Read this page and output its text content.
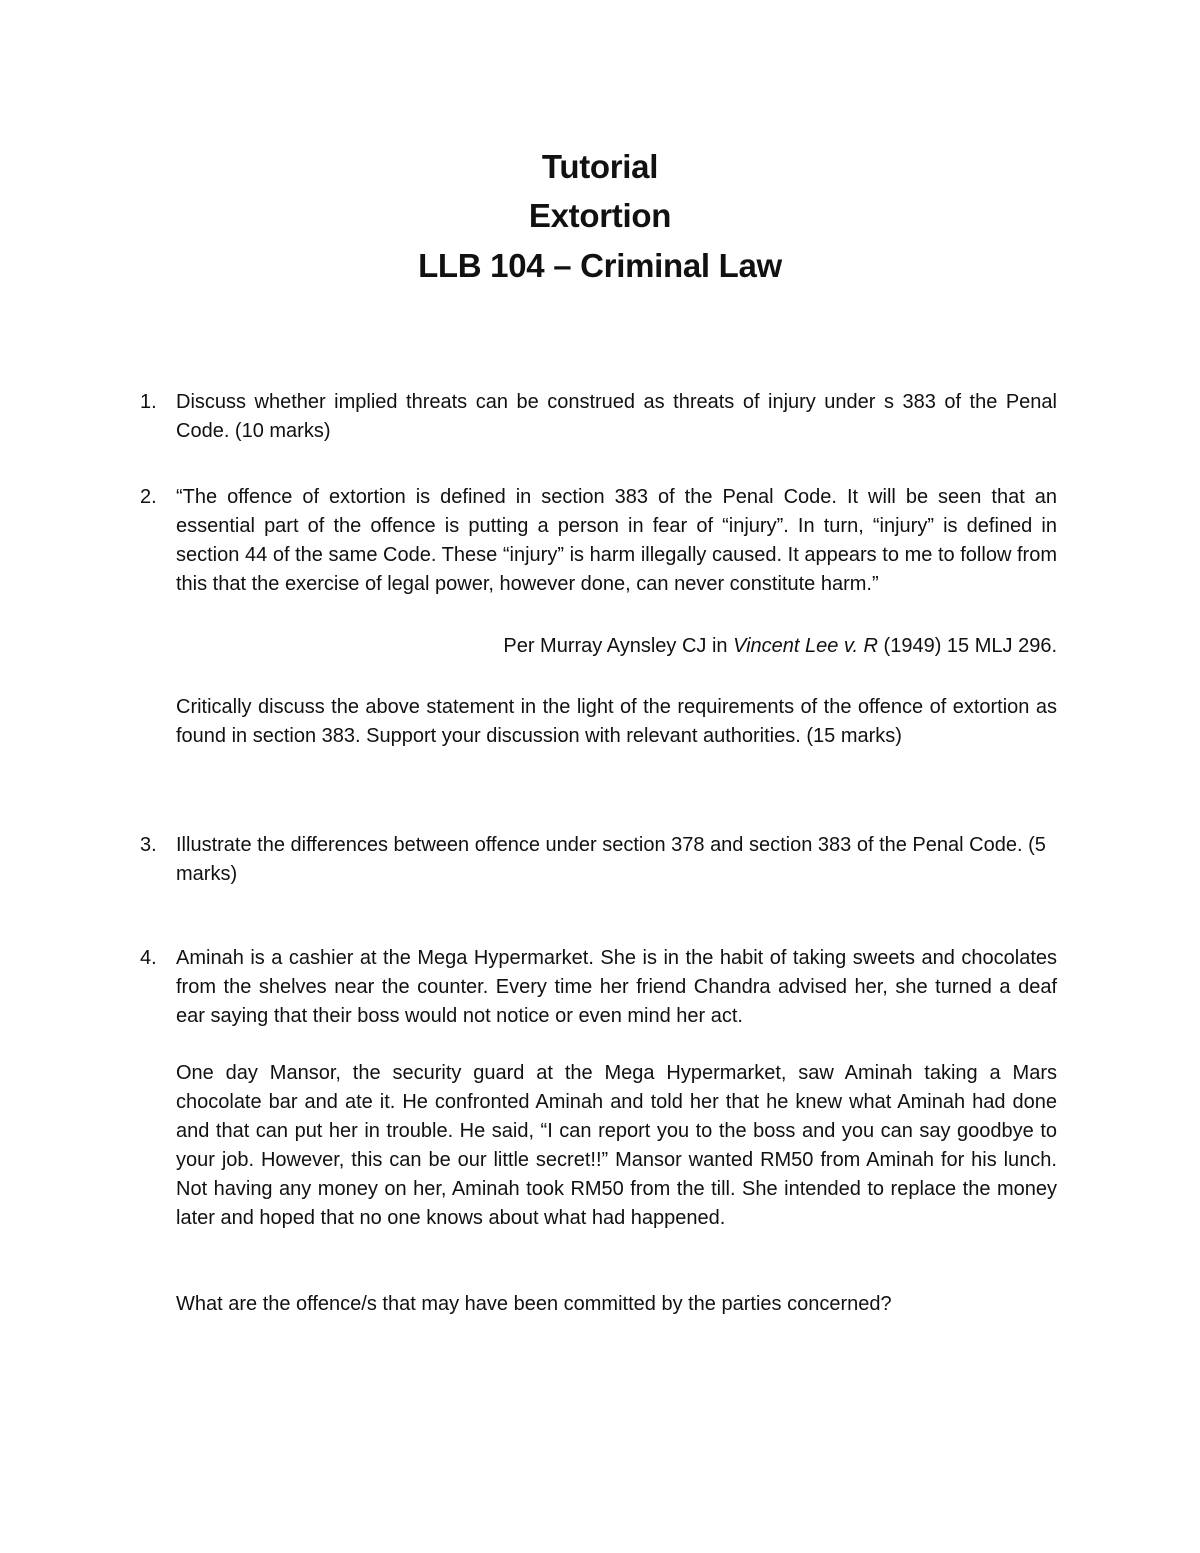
Tutorial
Extortion
LLB 104 – Criminal Law
1. Discuss whether implied threats can be construed as threats of injury under s 383 of the Penal Code. (10 marks)

2. “The offence of extortion is defined in section 383 of the Penal Code. It will be seen that an essential part of the offence is putting a person in fear of “injury”. In turn, “injury” is defined in section 44 of the same Code. These “injury” is harm illegally caused. It appears to me to follow from this that the exercise of legal power, however done, can never constitute harm.”

Per Murray Aynsley CJ in Vincent Lee v. R (1949) 15 MLJ 296.

Critically discuss the above statement in the light of the requirements of the offence of extortion as found in section 383. Support your discussion with relevant authorities. (15 marks)

3. Illustrate the differences between offence under section 378 and section 383 of the Penal Code. (5 marks)

4. Aminah is a cashier at the Mega Hypermarket. She is in the habit of taking sweets and chocolates from the shelves near the counter. Every time her friend Chandra advised her, she turned a deaf ear saying that their boss would not notice or even mind her act.

One day Mansor, the security guard at the Mega Hypermarket, saw Aminah taking a Mars chocolate bar and ate it. He confronted Aminah and told her that he knew what Aminah had done and that can put her in trouble. He said, “I can report you to the boss and you can say goodbye to your job. However, this can be our little secret!!” Mansor wanted RM50 from Aminah for his lunch. Not having any money on her, Aminah took RM50 from the till. She intended to replace the money later and hoped that no one knows about what had happened.

What are the offence/s that may have been committed by the parties concerned?
